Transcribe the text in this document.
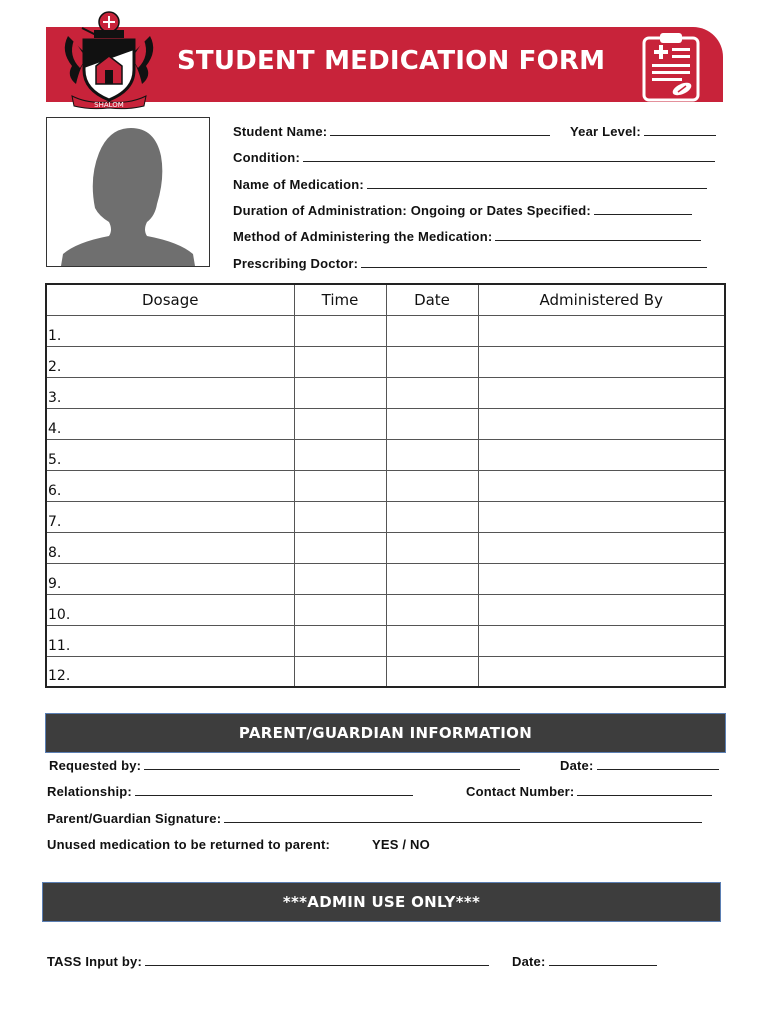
STUDENT MEDICATION FORM
SHALOM
Student Name:	Year Level:
Condition:
Name of Medication:
Duration of Administration: Ongoing or Dates Specified:
Method of Administering the Medication:
Prescribing Doctor:
Dosage	Time	Date	Administered By
1.			
2.			
3.			
4.			
5.			
6.			
7.			
8.			
9.			
10.			
11.			
12.			
PARENT/GUARDIAN INFORMATION
Requested by:	Date:
Relationship:	Contact Number:
Parent/Guardian Signature:
Unused medication to be returned to parent:	YES / NO
***ADMIN USE ONLY***
TASS Input by:	Date:
